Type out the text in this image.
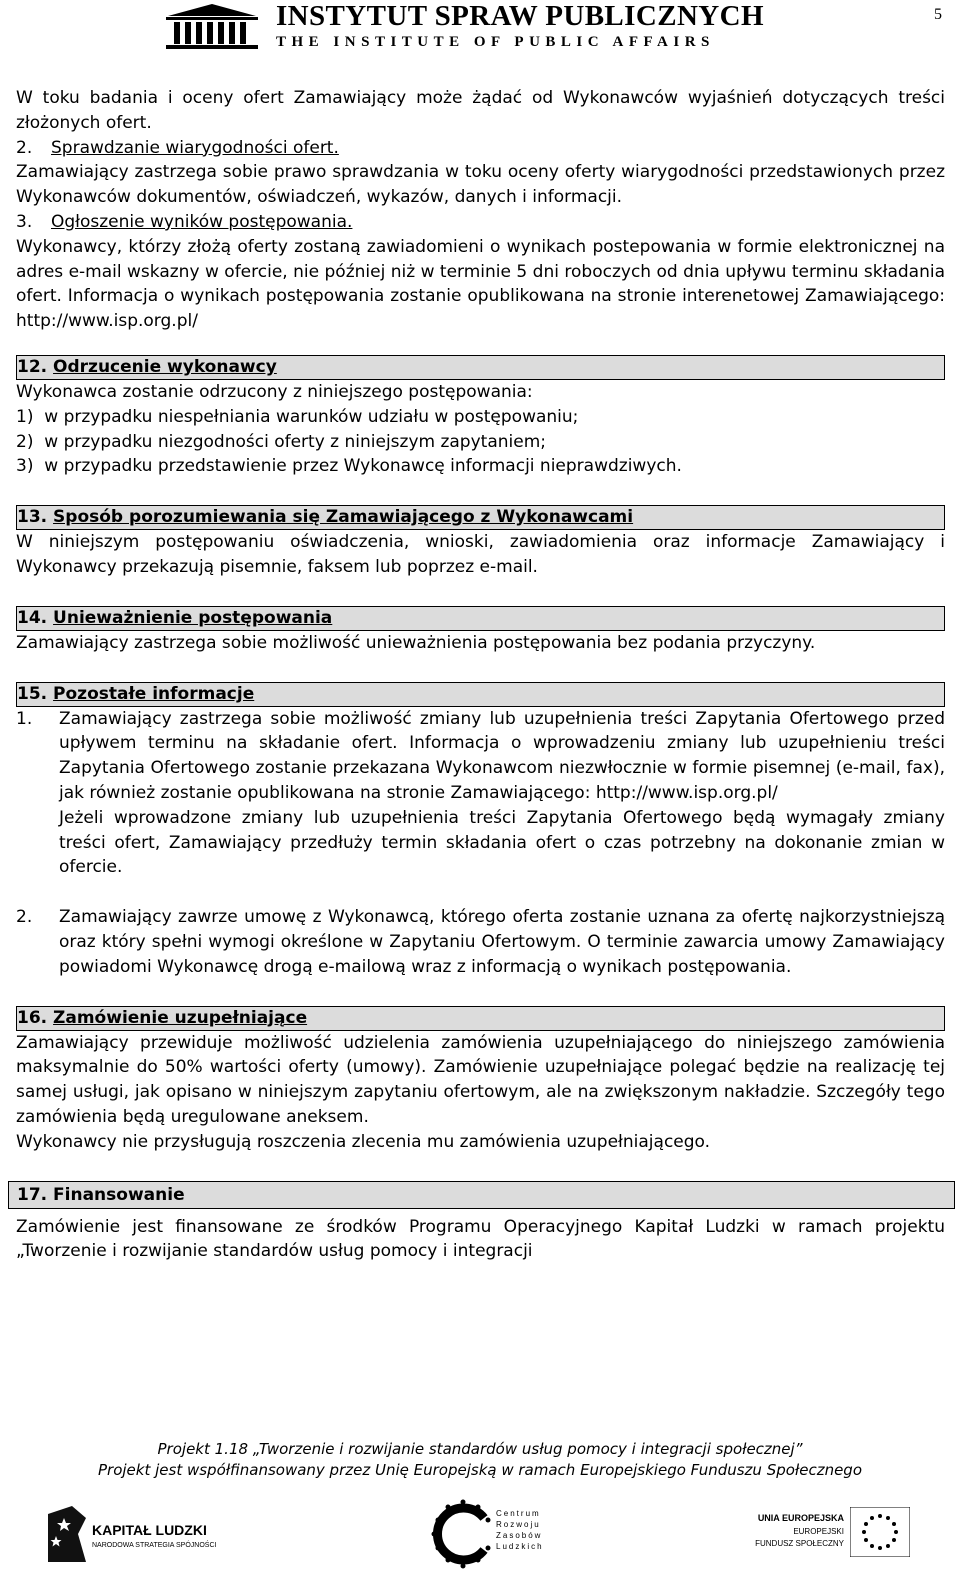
INSTYTUT SPRAW PUBLICZNYCH
THE INSTITUTE OF PUBLIC AFFAIRS
5

W toku badania i oceny ofert Zamawiający może żądać od Wykonawców wyjaśnień dotyczących treści złożonych ofert.

2. Sprawdzanie wiarygodności ofert.

Zamawiający zastrzega sobie prawo sprawdzania w toku oceny oferty wiarygodności przedstawionych przez Wykonawców dokumentów, oświadczeń, wykazów, danych i informacji.

3. Ogłoszenie wyników postępowania.

Wykonawcy, którzy złożą oferty zostaną zawiadomieni o wynikach postepowania w formie elektronicznej na adres e-mail wskazny w ofercie, nie później niż w terminie 5 dni roboczych od dnia upływu terminu składania ofert. Informacja o wynikach postępowania zostanie opublikowana na stronie interenetowej Zamawiającego: http://www.isp.org.pl/

12. Odrzucenie wykonawcy

Wykonawca zostanie odrzucony z niniejszego postępowania:

1)  w przypadku niespełniania warunków udziału w postępowaniu;
2)  w przypadku niezgodności oferty z niniejszym zapytaniem;
3)  w przypadku przedstawienie przez Wykonawcę informacji nieprawdziwych.
13. Sposób porozumiewania się Zamawiającego z Wykonawcami

W niniejszym postępowaniu oświadczenia, wnioski, zawiadomienia oraz informacje Zamawiający i Wykonawcy przekazują pisemnie, faksem lub poprzez e-mail.

14. Unieważnienie postępowania

Zamawiający zastrzega sobie możliwość unieważnienia postępowania bez podania przyczyny.

15. Pozostałe informacje
1.	Zamawiający zastrzega sobie możliwość zmiany lub uzupełnienia treści Zapytania Ofertowego przed upływem terminu na składanie ofert. Informacja o wprowadzeniu zmiany lub uzupełnieniu treści Zapytania Ofertowego zostanie przekazana Wykonawcom niezwłocznie w formie pisemnej (e-mail, fax), jak również zostanie opublikowana na stronie Zamawiającego: http://www.isp.org.pl/

Jeżeli wprowadzone zmiany lub uzupełnienia treści Zapytania Ofertowego będą wymagały zmiany treści ofert, Zamawiający przedłuży termin składania ofert o czas potrzebny na dokonanie zmian w ofercie.

2.	Zamawiający zawrze umowę z Wykonawcą, którego oferta zostanie uznana za ofertę najkorzystniejszą oraz który spełni wymogi określone w Zapytaniu Ofertowym. O terminie zawarcia umowy Zamawiający powiadomi Wykonawcę drogą e-mailową wraz z informacją o wynikach postępowania.

16. Zamówienie uzupełniające

Zamawiający przewiduje możliwość udzielenia zamówienia uzupełniającego do niniejszego zamówienia maksymalnie do 50% wartości oferty (umowy). Zamówienie uzupełniające polegać będzie na realizację tej samej usługi, jak opisano w niniejszym zapytaniu ofertowym, ale na zwiększonym nakładzie. Szczegóły tego zamówienia będą uregulowane aneksem.

Wykonawcy nie przysługują roszczenia zlecenia mu zamówienia uzupełniającego.

17. Finansowanie

Zamówienie jest finansowane ze środków Programu Operacyjnego Kapitał Ludzki w ramach projektu „Tworzenie i rozwijanie standardów usług pomocy i integracji

Projekt 1.18 „Tworzenie i rozwijanie standardów usług pomocy i integracji społecznej”
Projekt jest współfinansowany przez Unię Europejską w ramach Europejskiego Funduszu Społecznego
KAPITAŁ LUDZKI
NARODOWA STRATEGIA SPÓJNOŚCI
Centrum Rozwoju Zasobów Ludzkich
UNIA EUROPEJSKA
EUROPEJSKI
FUNDUSZ SPOŁECZNY
